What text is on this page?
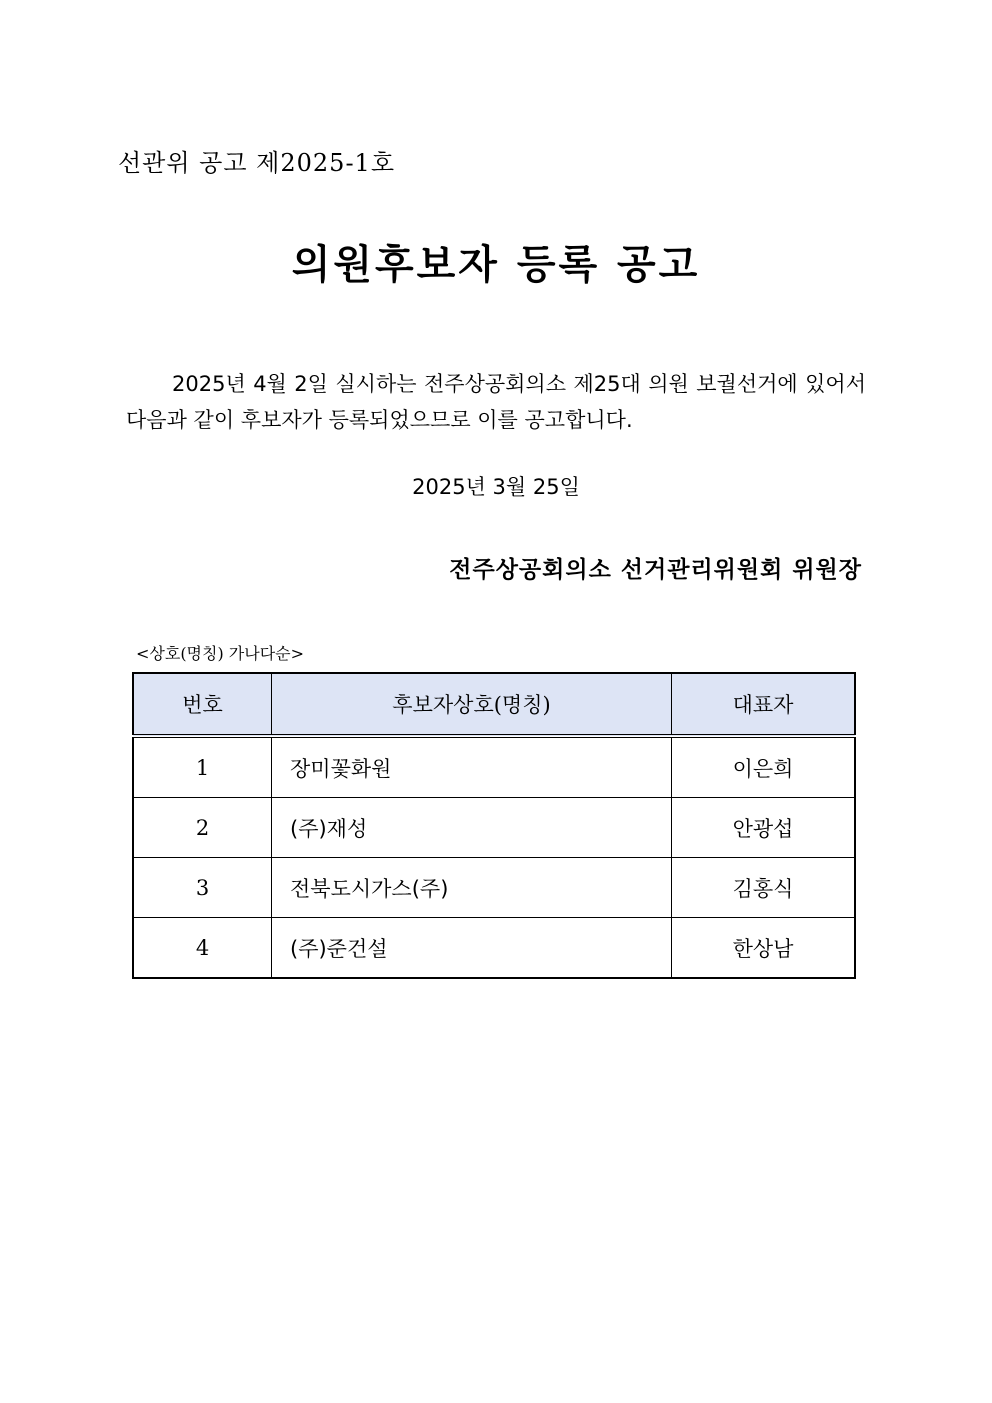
선관위 공고 제2025-1호
의원후보자 등록 공고
2025년 4월 2일 실시하는 전주상공회의소 제25대 의원 보궐선거에 있어서 다음과 같이 후보자가 등록되었으므로 이를 공고합니다.
2025년 3월 25일
전주상공회의소 선거관리위원회 위원장
<상호(명칭) 가나다순>
번호	후보자상호(명칭)	대표자
1	장미꽃화원	이은희
2	(주)재성	안광섭
3	전북도시가스(주)	김홍식
4	(주)준건설	한상남
